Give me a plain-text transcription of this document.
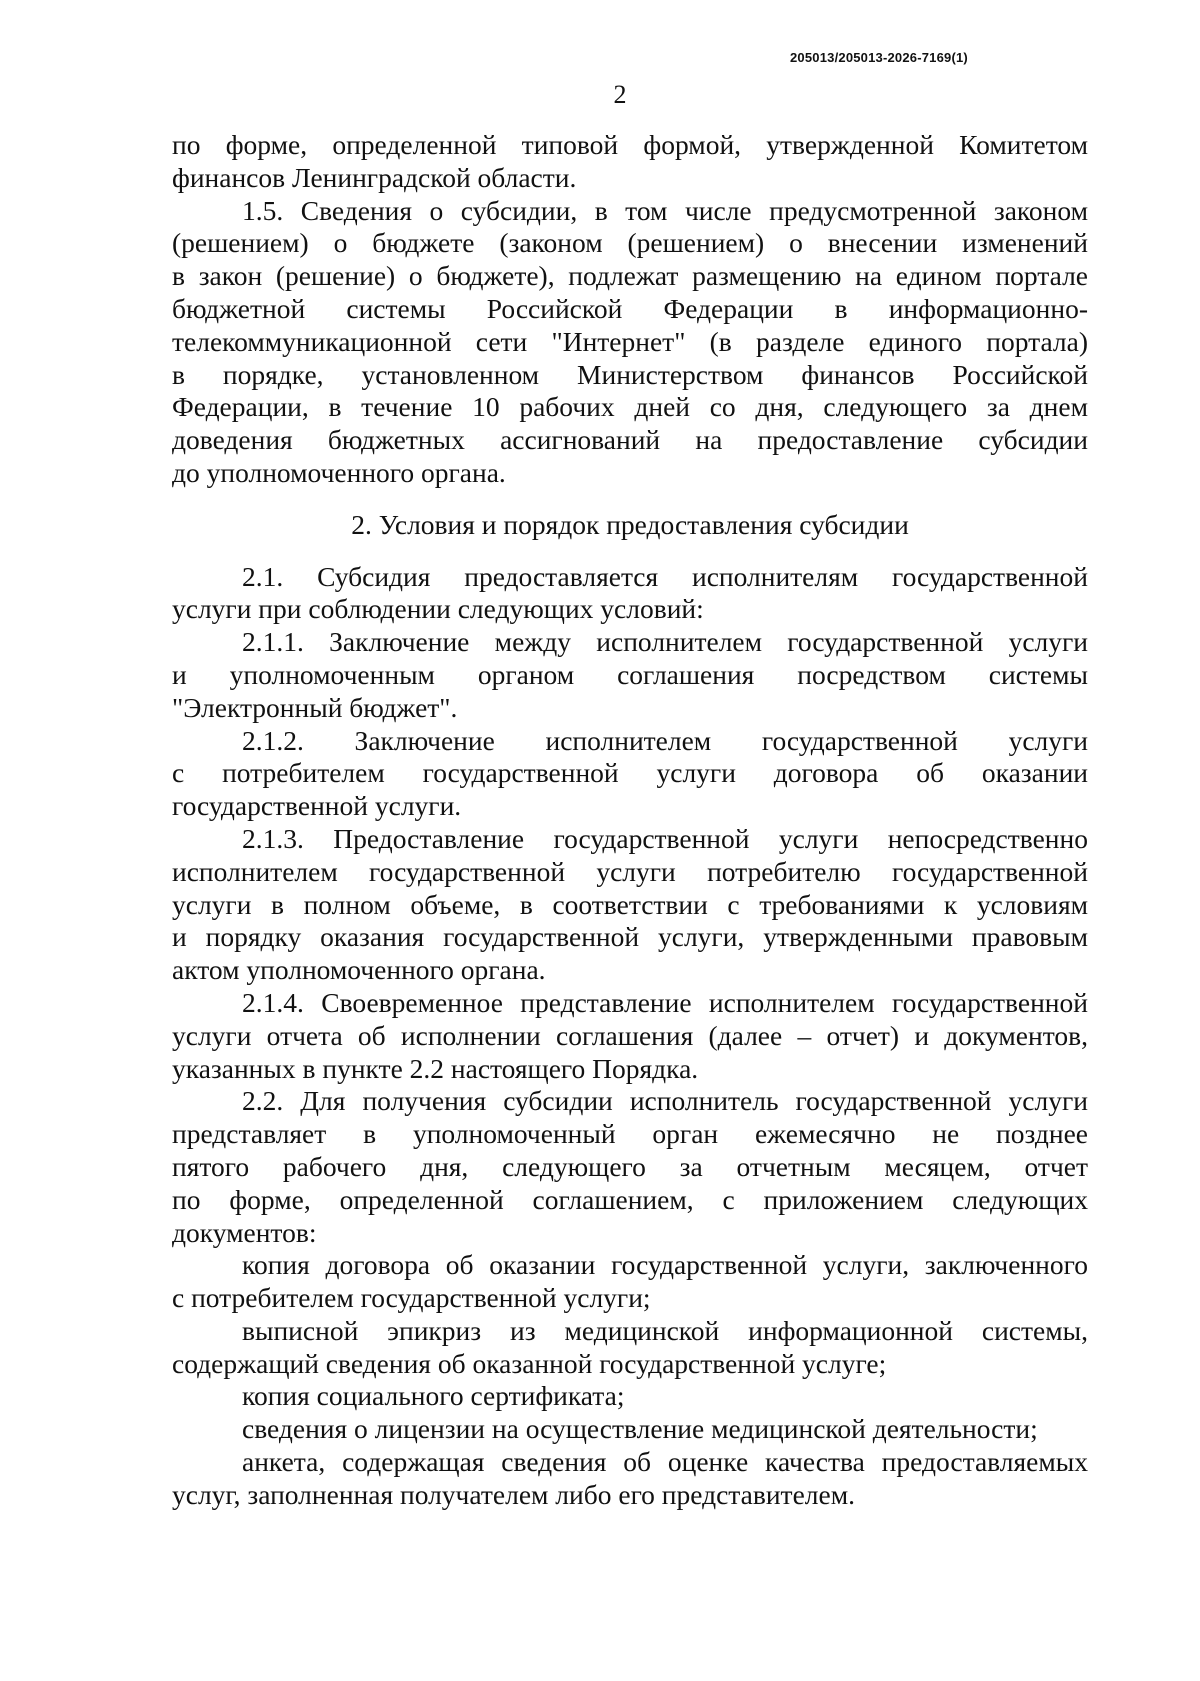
205013/205013-2026-7169(1)
2
по форме, определенной типовой формой, утвержденной Комитетом
финансов Ленинградской области.
1.5. Сведения о субсидии, в том числе предусмотренной законом
(решением) о бюджете (законом (решением) о внесении изменений
в закон (решение) о бюджете), подлежат размещению на едином портале
бюджетной системы Российской Федерации в информационно-
телекоммуникационной сети "Интернет" (в разделе единого портала)
в порядке, установленном Министерством финансов Российской
Федерации, в течение 10 рабочих дней со дня, следующего за днем
доведения бюджетных ассигнований на предоставление субсидии
до уполномоченного органа.
2. Условия и порядок предоставления субсидии
2.1. Субсидия предоставляется исполнителям государственной
услуги при соблюдении следующих условий:
2.1.1. Заключение между исполнителем государственной услуги
и уполномоченным органом соглашения посредством системы
"Электронный бюджет".
2.1.2. Заключение исполнителем государственной услуги
с потребителем государственной услуги договора об оказании
государственной услуги.
2.1.3. Предоставление государственной услуги непосредственно
исполнителем государственной услуги потребителю государственной
услуги в полном объеме, в соответствии с требованиями к условиям
и порядку оказания государственной услуги, утвержденными правовым
актом уполномоченного органа.
2.1.4. Своевременное представление исполнителем государственной
услуги отчета об исполнении соглашения (далее – отчет) и документов,
указанных в пункте 2.2 настоящего Порядка.
2.2. Для получения субсидии исполнитель государственной услуги
представляет в уполномоченный орган ежемесячно не позднее
пятого рабочего дня, следующего за отчетным месяцем, отчет
по форме, определенной соглашением, с приложением следующих
документов:
копия договора об оказании государственной услуги, заключенного
с потребителем государственной услуги;
выписной эпикриз из медицинской информационной системы,
содержащий сведения об оказанной государственной услуге;
копия социального сертификата;
сведения о лицензии на осуществление медицинской деятельности;
анкета, содержащая сведения об оценке качества предоставляемых
услуг, заполненная получателем либо его представителем.
